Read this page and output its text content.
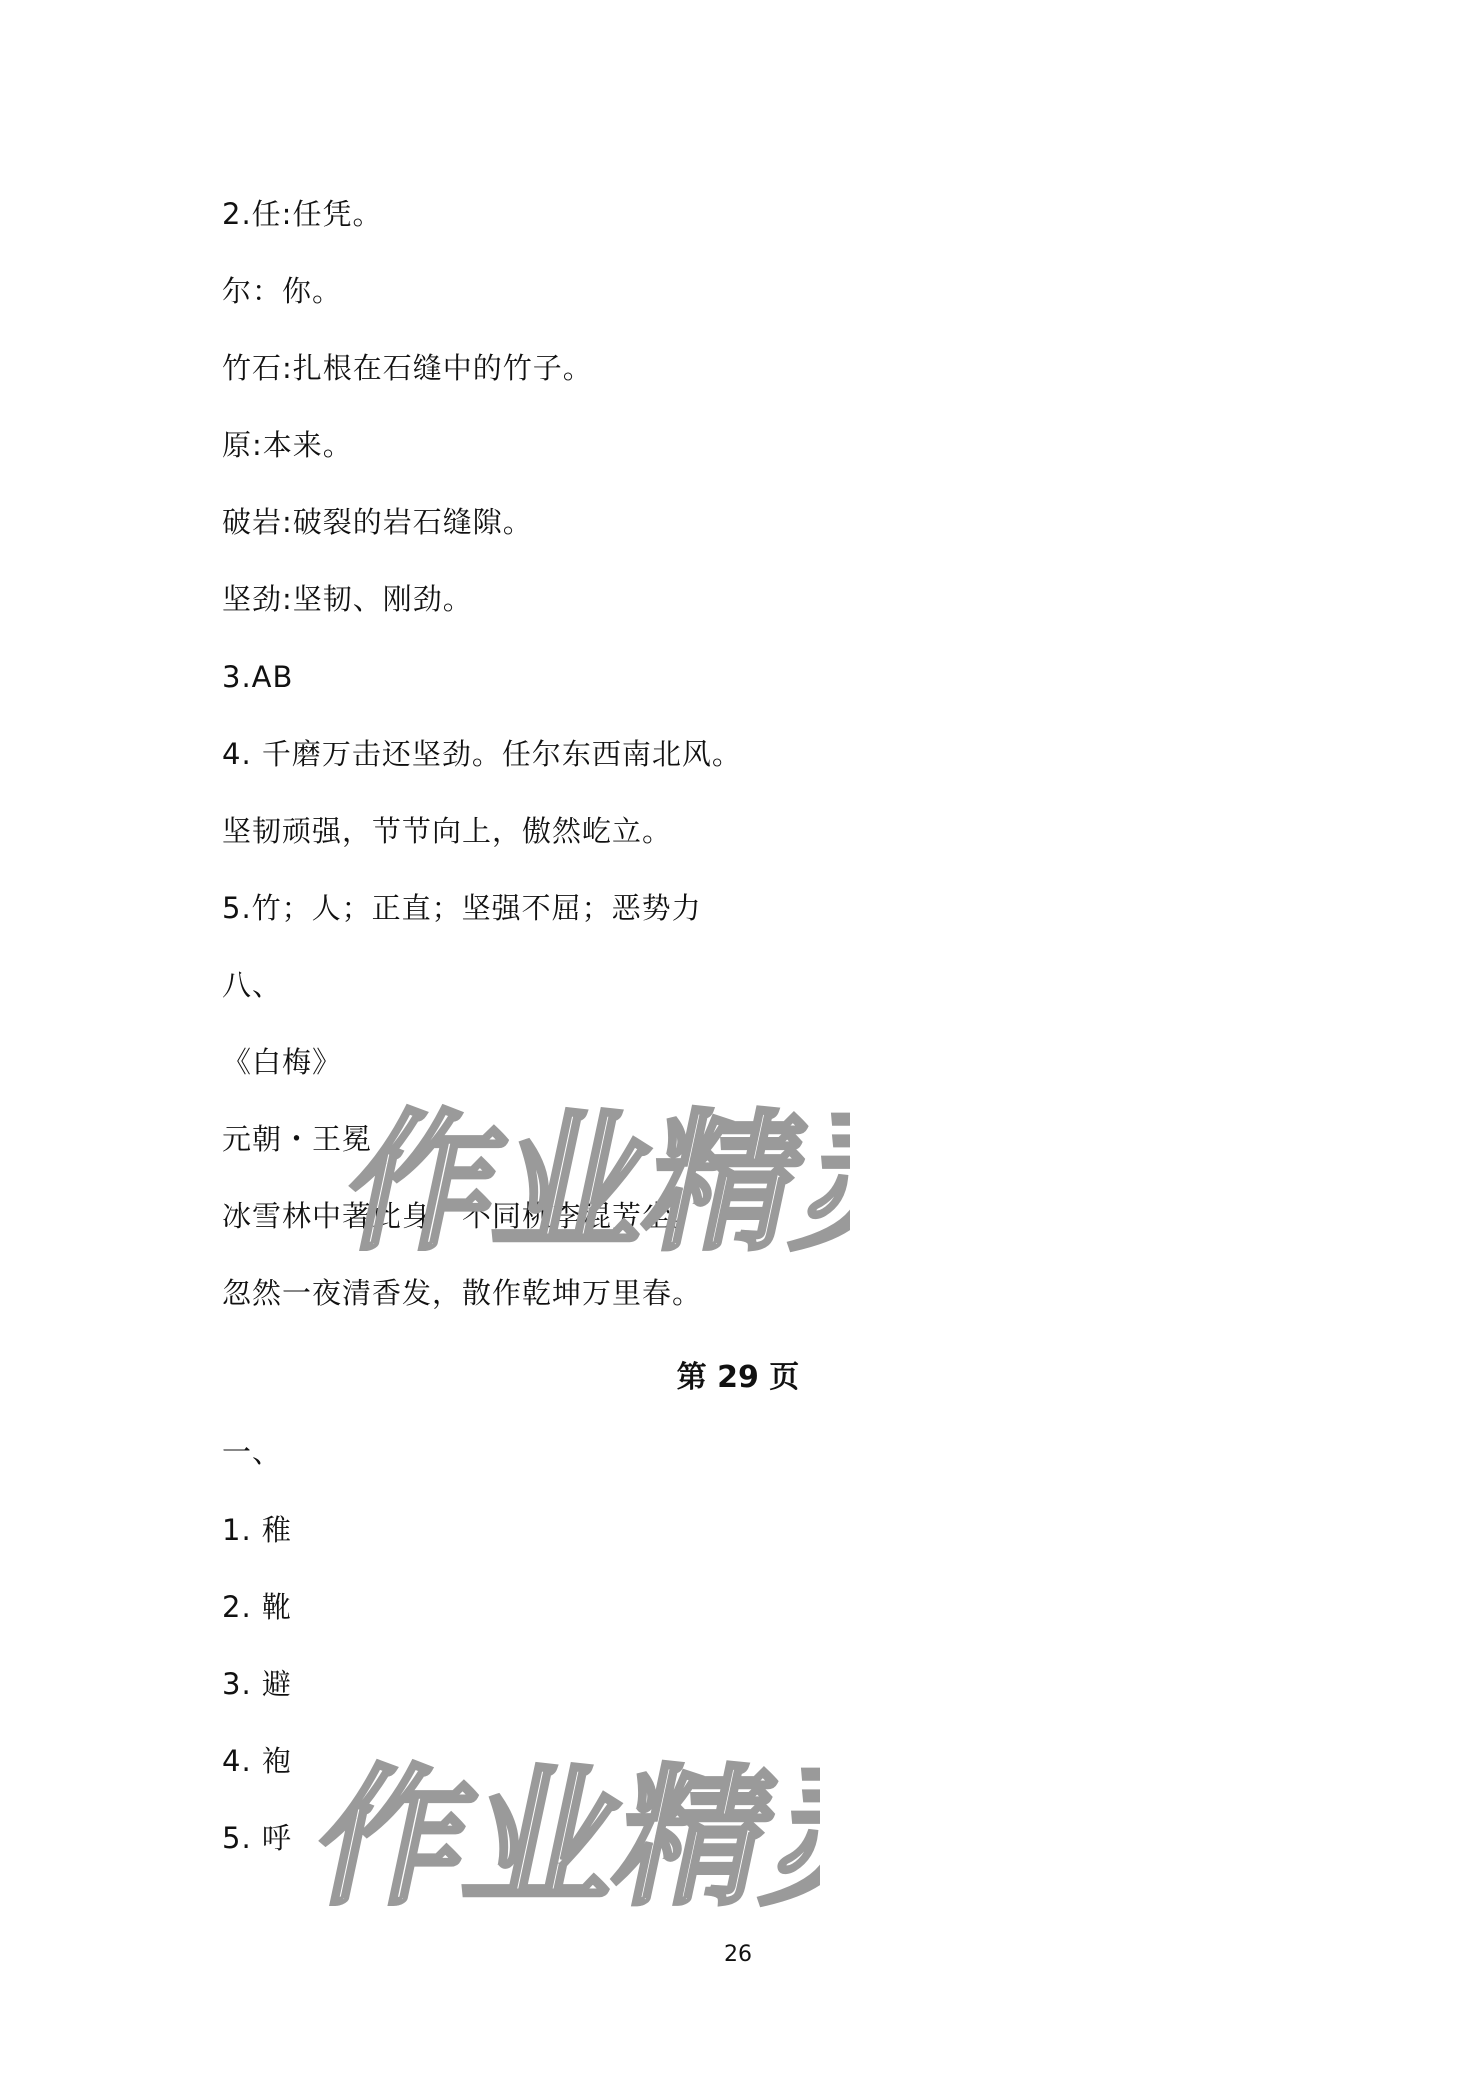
2.任:任凭。
尔：你。
竹石:扎根在石缝中的竹子。
原:本来。
破岩:破裂的岩石缝隙。
坚劲:坚韧、刚劲。
3.AB
4. 千磨万击还坚劲。任尔东西南北风。
坚韧顽强，节节向上，傲然屹立。
5.竹；人；正直；坚强不屈；恶势力
八、
《白梅》
元朝・王冕
冰雪林中著此身，不同桃李混芳尘。
忽然一夜清香发，散作乾坤万里春。
第 29 页
一、
1. 稚
2. 靴
3. 避
4. 袍
5. 呼
26
作业精灵
作业精灵
